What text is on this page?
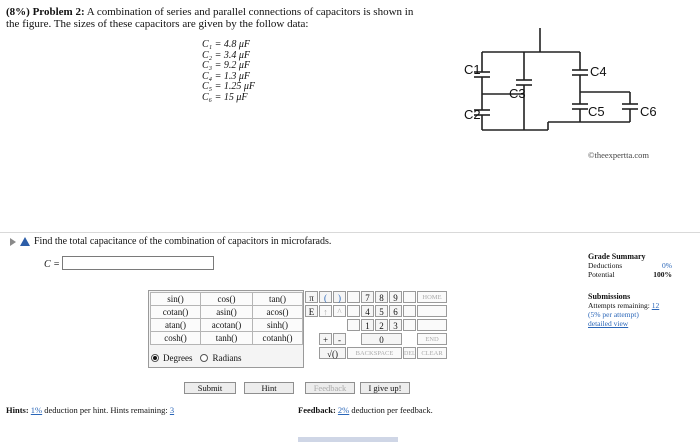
(8%) Problem 2: A combination of series and parallel connections of capacitors is shown in the figure. The sizes of these capacitors are given by the follow data:
C₁ = 4.8 μF
C₂ = 3.4 μF
C₃ = 9.2 μF
C₄ = 1.3 μF
C₅ = 1.25 μF
C₆ = 15 μF
C1
C2
C3
C4
C5	C6
©theexpertta.com
Find the total capacitance of the combination of capacitors in microfarads.
C =
sin()	cos()	tan()
cotan()	asin()	acos()
atan()	acotan()	sinh()
cosh()	tanh()	cotanh()
Degrees Radians
π	(	)
E	↑	^
7	8	9
4	5	6
1	2	3
+	-	0
√()	BACKSPACE	DEL
HOME
END
CLEAR
Submit	Hint	Feedback	I give up!
Hints: 1% deduction per hint. Hints remaining: 3	Feedback: 2% deduction per feedback.
Grade Summary
Deductions	0%
Potential	100%
Submissions
Attempts remaining: 12
(5% per attempt)
detailed view
